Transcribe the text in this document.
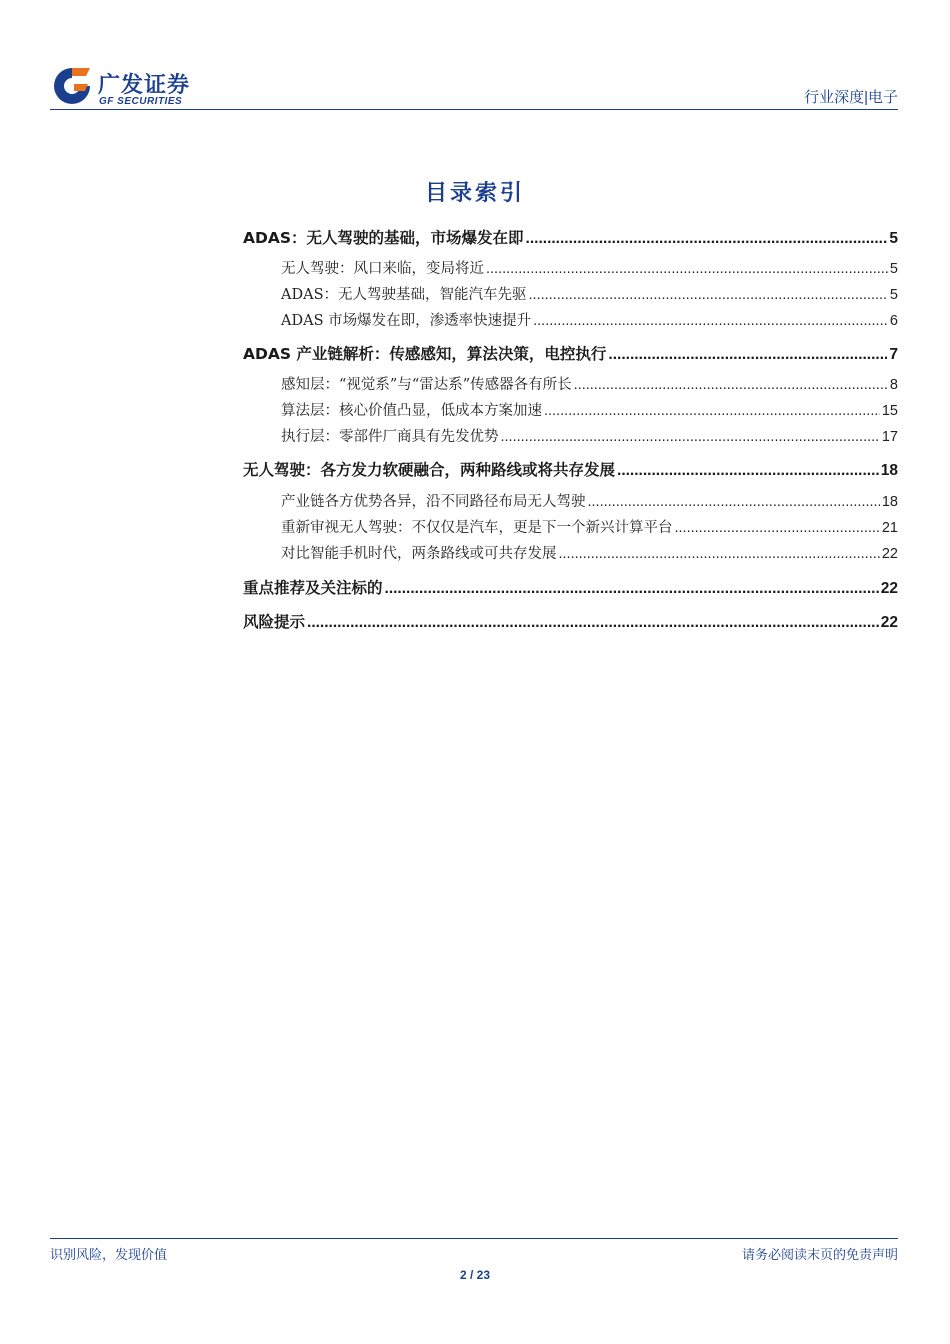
广发证券
GF SECURITIES	行业深度|电子
目录索引
ADAS：无人驾驶的基础，市场爆发在即 .....	5
无人驾驶：风口来临，变局将近 .....	5
ADAS：无人驾驶基础，智能汽车先驱 .....	5
ADAS 市场爆发在即，渗透率快速提升 .....	6
ADAS 产业链解析：传感感知，算法决策，电控执行 .....	7
感知层：“视觉系”与“雷达系”传感器各有所长 .....	8
算法层：核心价值凸显，低成本方案加速 .....	15
执行层：零部件厂商具有先发优势 .....	17
无人驾驶：各方发力软硬融合，两种路线或将共存发展 .....	18
产业链各方优势各异，沿不同路径布局无人驾驶 .....	18
重新审视无人驾驶：不仅仅是汽车，更是下一个新兴计算平台 .....	21
对比智能手机时代，两条路线或可共存发展 .....	22
重点推荐及关注标的 .....	22
风险提示 .....	22
识别风险，发现价值	请务必阅读末页的免责声明
2 / 23
